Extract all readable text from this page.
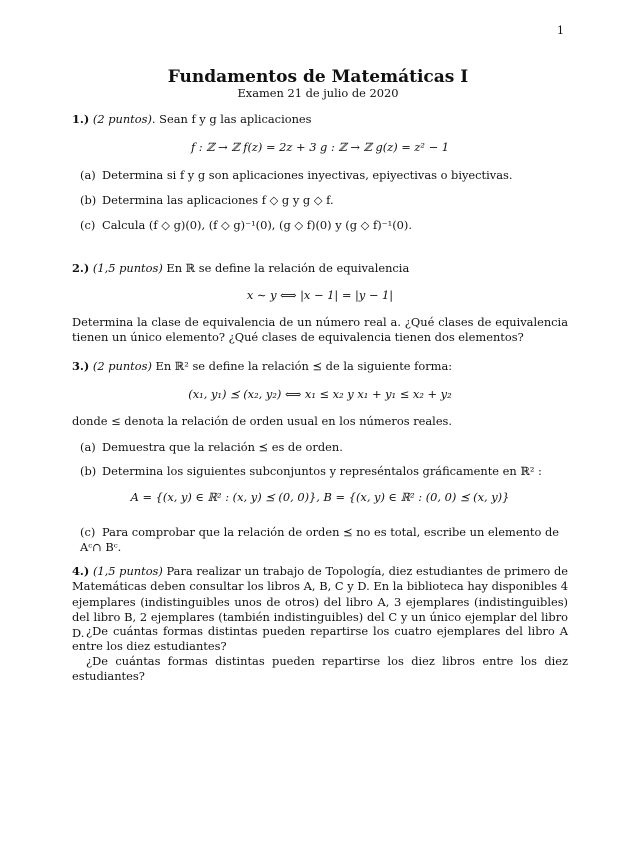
1
Fundamentos de Matemáticas I
Examen 21 de julio de 2020
1.) (2 puntos). Sean f y g las aplicaciones
f : ℤ → ℤ f(z) = 2z + 3 g : ℤ → ℤ g(z) = z² − 1
(a) Determina si f y g son aplicaciones inyectivas, epiyectivas o biyectivas.
(b) Determina las aplicaciones f ◇ g y g ◇ f.
(c) Calcula (f ◇ g)(0), (f ◇ g)⁻¹(0), (g ◇ f)(0) y (g ◇ f)⁻¹(0).
2.) (1,5 puntos) En ℝ se define la relación de equivalencia
x ∼ y ⟺ |x − 1| = |y − 1|
Determina la clase de equivalencia de un número real a. ¿Qué clases de equivalencia tienen un único elemento? ¿Qué clases de equivalencia tienen dos elementos?
3.) (2 puntos) En ℝ² se define la relación ⪯ de la siguiente forma:
(x₁, y₁) ⪯ (x₂, y₂) ⟺ x₁ ≤ x₂ y x₁ + y₁ ≤ x₂ + y₂
donde ≤ denota la relación de orden usual en los números reales.
(a) Demuestra que la relación ⪯ es de orden.
(b) Determina los siguientes subconjuntos y represéntalos gráficamente en ℝ² :
A = {(x, y) ∈ ℝ² : (x, y) ⪯ (0, 0)}, B = {(x, y) ∈ ℝ² : (0, 0) ⪯ (x, y)}
(c) Para comprobar que la relación de orden ⪯ no es total, escribe un elemento de Aᶜ∩ Bᶜ.
4.) (1,5 puntos) Para realizar un trabajo de Topología, diez estudiantes de primero de Matemáticas deben consultar los libros A, B, C y D. En la biblioteca hay disponibles 4 ejemplares (indistinguibles unos de otros) del libro A, 3 ejemplares (indistinguibles) del libro B, 2 ejemplares (también indistinguibles) del C y un único ejemplar del libro D. ¿De cuántas formas distintas pueden repartirse los cuatro ejemplares del libro A entre los diez estudiantes?
¿De cuántas formas distintas pueden repartirse los diez libros entre los diez estudiantes?
